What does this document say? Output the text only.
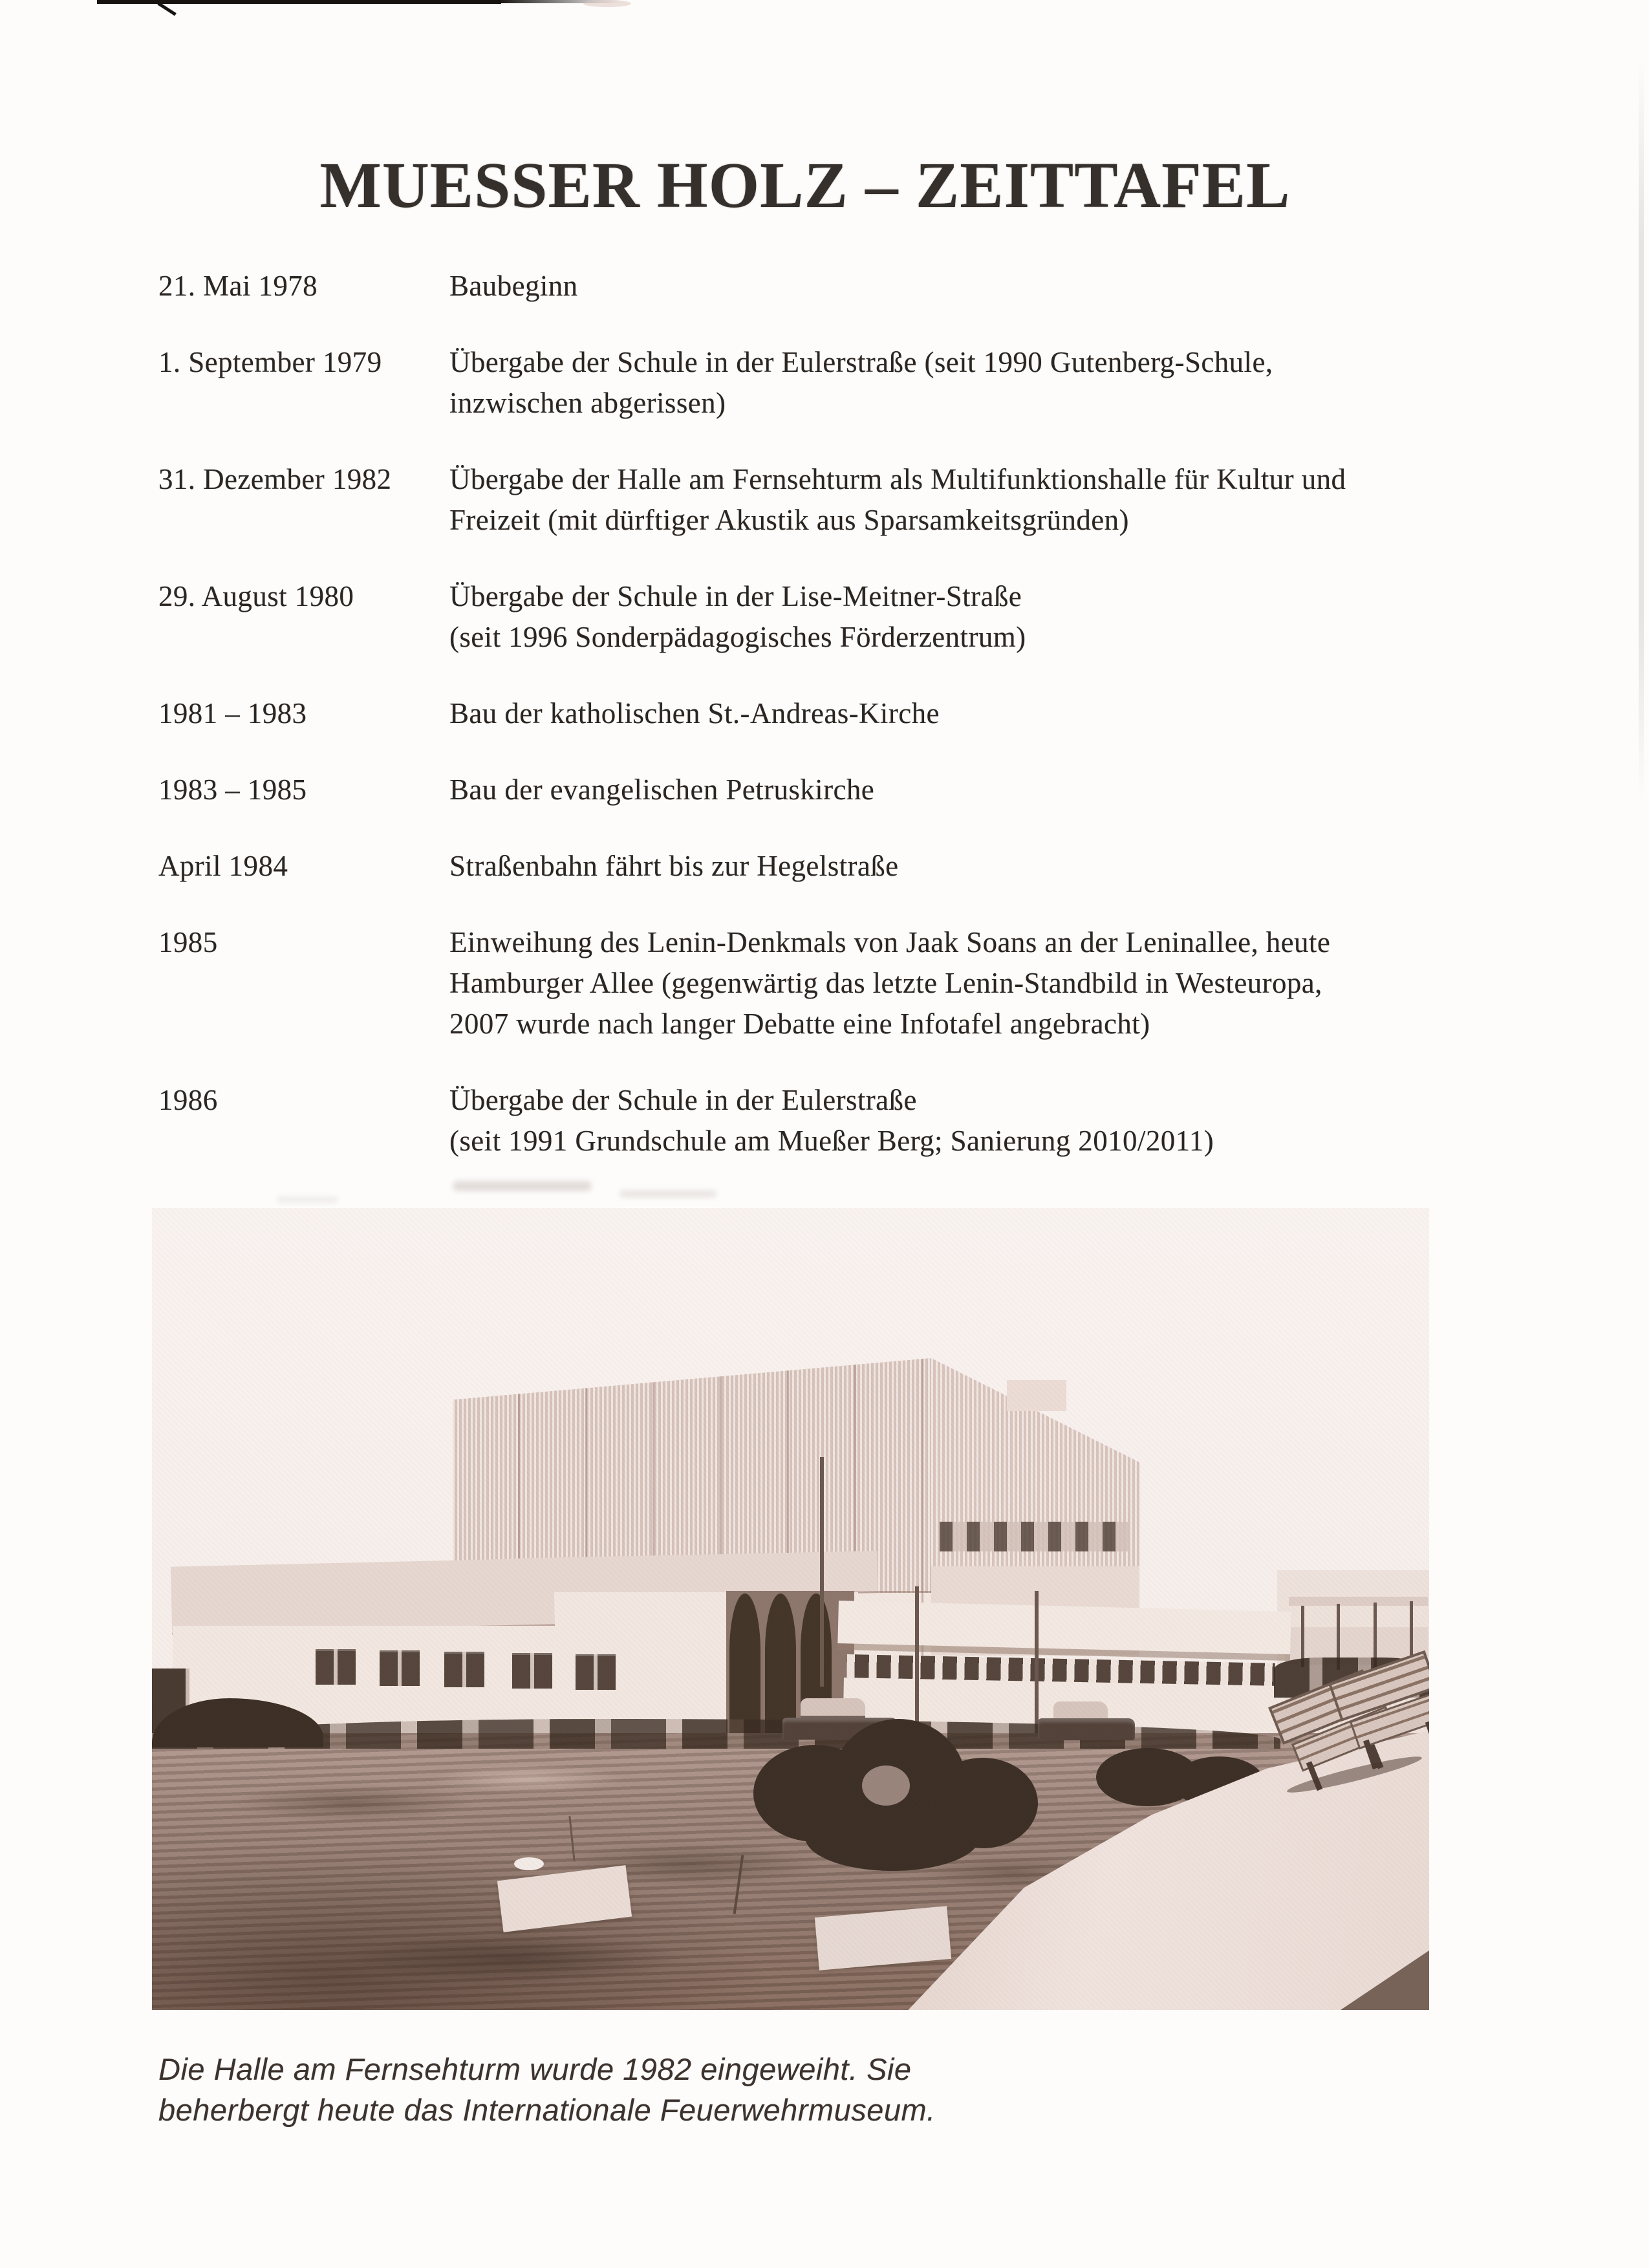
MUESSER HOLZ – ZEITTAFEL
21. Mai 1978	Baubeginn
1. September 1979	Übergabe der Schule in der Eulerstraße (seit 1990 Gutenberg-Schule,
inzwischen abgerissen)
31. Dezember 1982	Übergabe der Halle am Fernsehturm als Multifunktionshalle für Kultur und
Freizeit (mit dürftiger Akustik aus Sparsamkeitsgründen)
29. August 1980	Übergabe der Schule in der Lise-Meitner-Straße
(seit 1996 Sonderpädagogisches Förderzentrum)
1981 – 1983	Bau der katholischen St.-Andreas-Kirche
1983 – 1985	Bau der evangelischen Petruskirche
April 1984	Straßenbahn fährt bis zur Hegelstraße
1985	Einweihung des Lenin-Denkmals von Jaak Soans an der Leninallee, heute
Hamburger Allee (gegenwärtig das letzte Lenin-Standbild in Westeuropa,
2007 wurde nach langer Debatte eine Infotafel angebracht)
1986	Übergabe der Schule in der Eulerstraße
(seit 1991 Grundschule am Mueßer Berg; Sanierung 2010/2011)
Die Halle am Fernsehturm wurde 1982 eingeweiht. Sie
beherbergt heute das Internationale Feuerwehrmuseum.
